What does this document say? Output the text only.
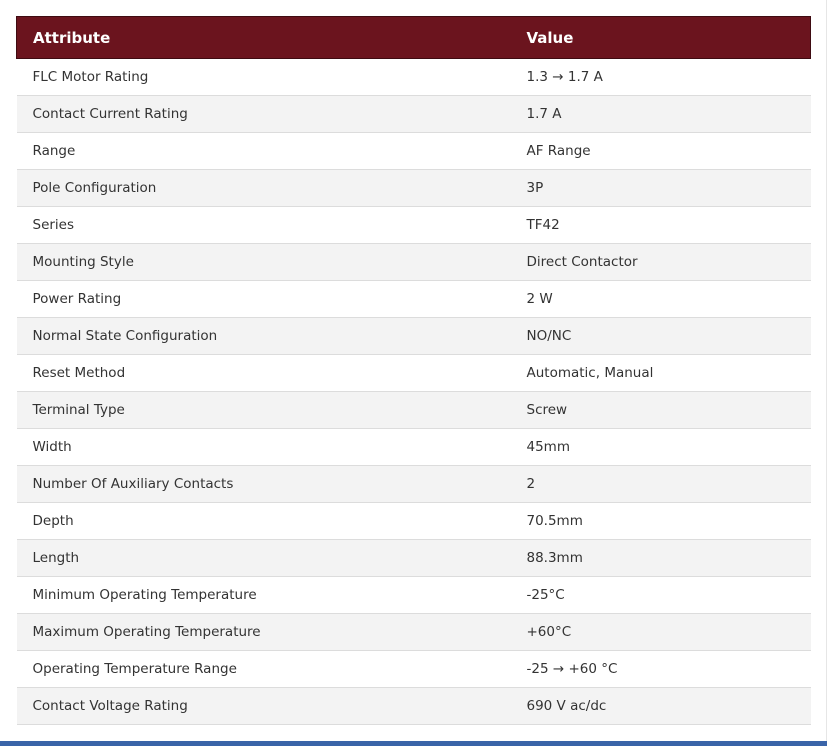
Attribute	Value
FLC Motor Rating	1.3 → 1.7 A
Contact Current Rating	1.7 A
Range	AF Range
Pole Configuration	3P
Series	TF42
Mounting Style	Direct Contactor
Power Rating	2 W
Normal State Configuration	NO/NC
Reset Method	Automatic, Manual
Terminal Type	Screw
Width	45mm
Number Of Auxiliary Contacts	2
Depth	70.5mm
Length	88.3mm
Minimum Operating Temperature	-25°C
Maximum Operating Temperature	+60°C
Operating Temperature Range	-25 → +60 °C
Contact Voltage Rating	690 V ac/dc
